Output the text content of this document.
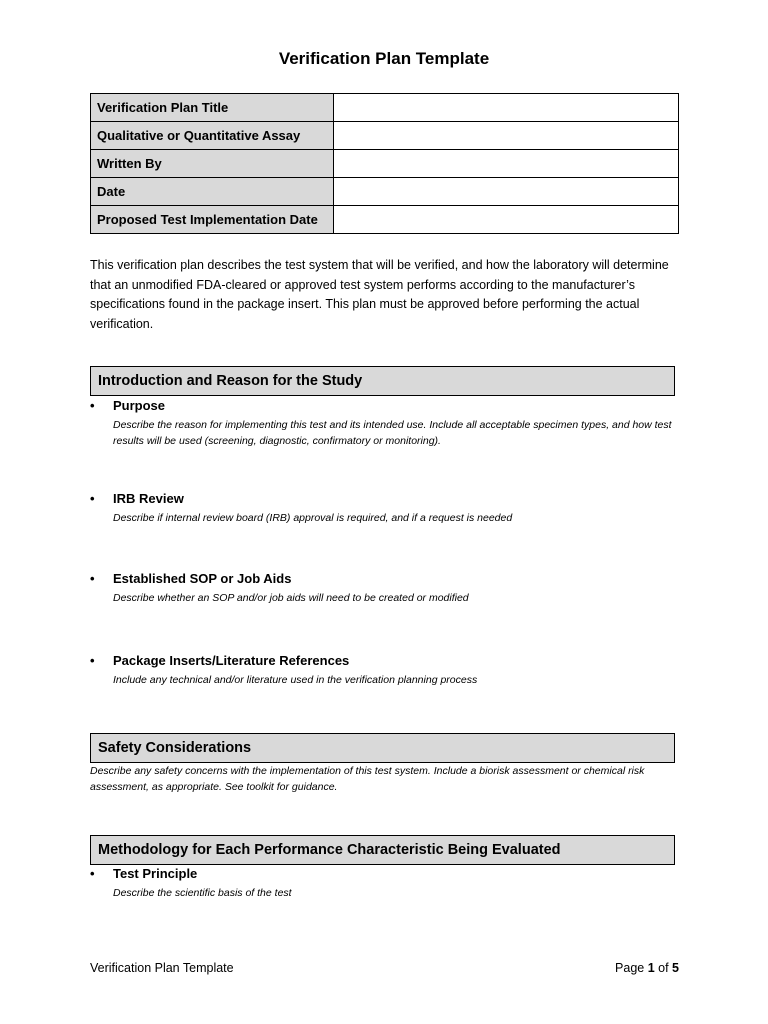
Verification Plan Template
Verification Plan Title	
Qualitative or Quantitative Assay	
Written By	
Date	
Proposed Test Implementation Date	
This verification plan describes the test system that will be verified, and how the laboratory will determine that an unmodified FDA-cleared or approved test system performs according to the manufacturer’s specifications found in the package insert. This plan must be approved before performing the actual verification.
Introduction and Reason for the Study
• Purpose
Describe the reason for implementing this test and its intended use. Include all acceptable specimen types, and how test results will be used (screening, diagnostic, confirmatory or monitoring).
• IRB Review
Describe if internal review board (IRB) approval is required, and if a request is needed
• Established SOP or Job Aids
Describe whether an SOP and/or job aids will need to be created or modified
• Package Inserts/Literature References
Include any technical and/or literature used in the verification planning process
Safety Considerations
Describe any safety concerns with the implementation of this test system. Include a biorisk assessment or chemical risk assessment, as appropriate. See toolkit for guidance.
Methodology for Each Performance Characteristic Being Evaluated
• Test Principle
Describe the scientific basis of the test
Verification Plan Template	Page 1 of 5
